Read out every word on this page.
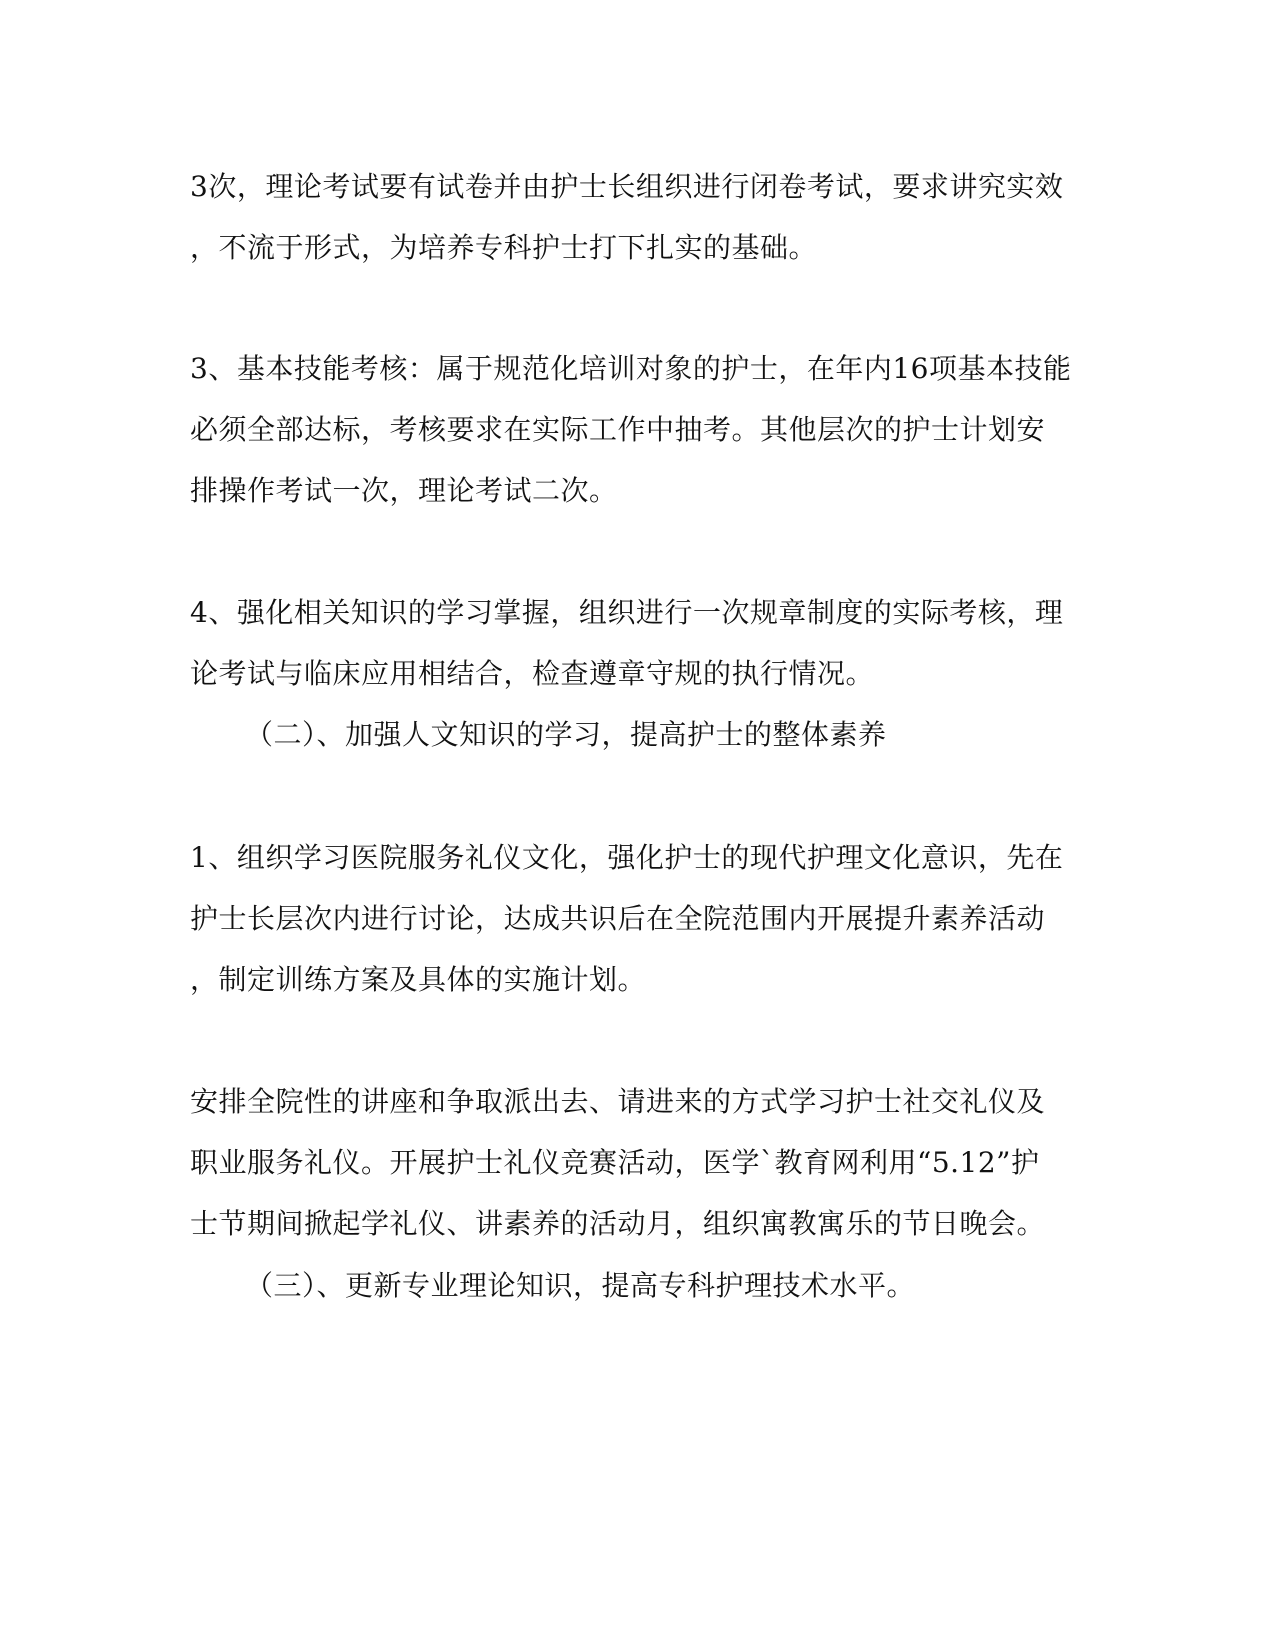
3次，理论考试要有试卷并由护士长组织进行闭卷考试，要求讲究实效
，不流于形式，为培养专科护士打下扎实的基础。
3、基本技能考核：属于规范化培训对象的护士，在年内16项基本技能
必须全部达标，考核要求在实际工作中抽考。其他层次的护士计划安
排操作考试一次，理论考试二次。
4、强化相关知识的学习掌握，组织进行一次规章制度的实际考核，理
论考试与临床应用相结合，检查遵章守规的执行情况。
（二）、加强人文知识的学习，提高护士的整体素养
1、组织学习医院服务礼仪文化，强化护士的现代护理文化意识，先在
护士长层次内进行讨论，达成共识后在全院范围内开展提升素养活动
，制定训练方案及具体的实施计划。
安排全院性的讲座和争取派出去、请进来的方式学习护士社交礼仪及
职业服务礼仪。开展护士礼仪竞赛活动，医学`教育网利用“5.12”护
士节期间掀起学礼仪、讲素养的活动月，组织寓教寓乐的节日晚会。
（三）、更新专业理论知识，提高专科护理技术水平。
